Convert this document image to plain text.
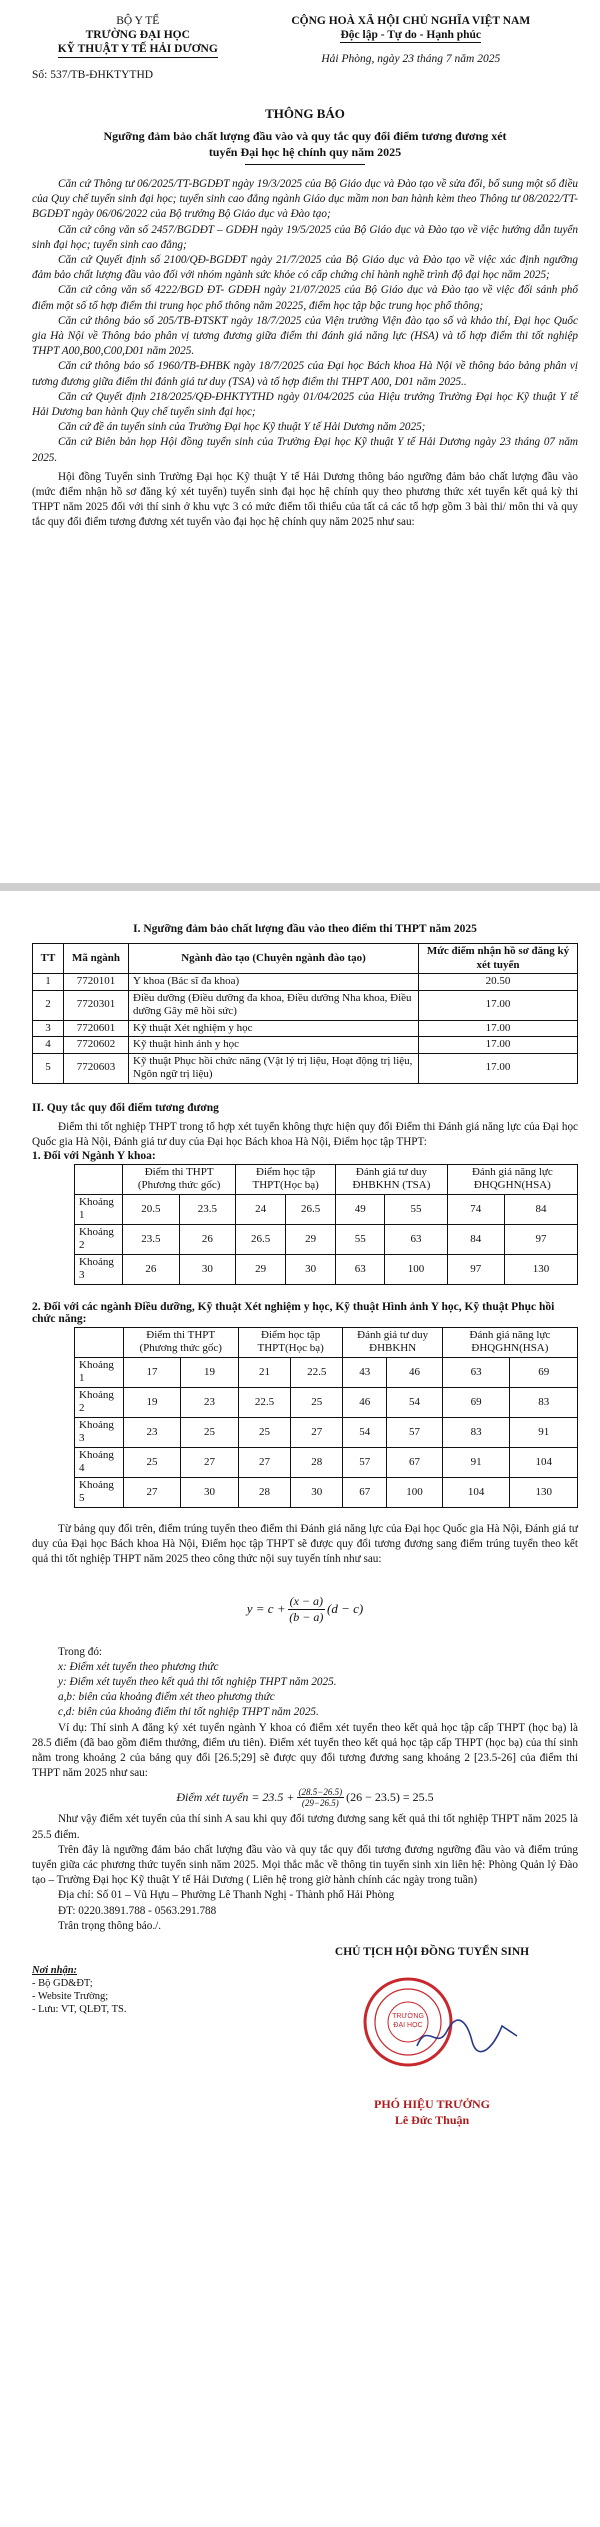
BỘ Y TẾ
TRƯỜNG ĐẠI HỌC
KỸ THUẬT Y TẾ HẢI DƯƠNG
Số: 537/TB-ĐHKTYTHD
CỘNG HOÀ XÃ HỘI CHỦ NGHĨA VIỆT NAM
Độc lập - Tự do - Hạnh phúc
Hải Phòng, ngày 23 tháng 7 năm 2025
THÔNG BÁO
Ngưỡng đảm bảo chất lượng đầu vào và quy tắc quy đổi điểm tương đương xét tuyển Đại học hệ chính quy năm 2025

Căn cứ Thông tư 06/2025/TT-BGDĐT ngày 19/3/2025 của Bộ Giáo dục và Đào tạo về sửa đổi, bổ sung một số điều của Quy chế tuyển sinh đại học; tuyển sinh cao đẳng ngành Giáo dục mầm non ban hành kèm theo Thông tư 08/2022/TT-BGDĐT ngày 06/06/2022 của Bộ trưởng Bộ Giáo dục và Đào tạo;

Căn cứ công văn số 2457/BGDĐT – GDĐH ngày 19/5/2025 của Bộ Giáo dục và Đào tạo về việc hướng dẫn tuyển sinh đại học; tuyển sinh cao đẳng;

Căn cứ Quyết định số 2100/QĐ-BGDĐT ngày 21/7/2025 của Bộ Giáo dục và Đào tạo về việc xác định ngưỡng đảm bảo chất lượng đầu vào đối với nhóm ngành sức khỏe có cấp chứng chỉ hành nghề trình độ đại học năm 2025;

Căn cứ công văn số 4222/BGD ĐT- GDĐH ngày 21/07/2025 của Bộ Giáo dục và Đào tạo về việc đối sánh phổ điểm một số tổ hợp điểm thi trung học phổ thông năm 20225, điểm học tập bậc trung học phổ thông;

Căn cứ thông báo số 205/TB-ĐTSKT ngày 18/7/2025 của Viện trường Viện đào tạo số và khảo thí, Đại học Quốc gia Hà Nội về Thông báo phân vị tương đương giữa điểm thi đánh giá năng lực (HSA) và tổ hợp điểm thi tốt nghiệp THPT A00,B00,C00,D01 năm 2025.

Căn cứ thông báo số 1960/TB-ĐHBK ngày 18/7/2025 của Đại học Bách khoa Hà Nội về thông báo bảng phân vị tương đương giữa điểm thi đánh giá tư duy (TSA) và tổ hợp điểm thi THPT A00, D01 năm 2025..

Căn cứ Quyết định 218/2025/QĐ-ĐHKTYTHD ngày 01/04/2025 của Hiệu trưởng Trường Đại học Kỹ thuật Y tế Hải Dương ban hành Quy chế tuyển sinh đại học;

Căn cứ đề án tuyển sinh của Trường Đại học Kỹ thuật Y tế Hải Dương năm 2025;

Căn cứ Biên bản họp Hội đồng tuyển sinh của Trường Đại học Kỹ thuật Y tế Hải Dương ngày 23 tháng 07 năm 2025.

Hội đồng Tuyển sinh Trường Đại học Kỹ thuật Y tế Hải Dương thông báo ngưỡng đảm bảo chất lượng đầu vào (mức điểm nhận hồ sơ đăng ký xét tuyển) tuyển sinh đại học hệ chính quy theo phương thức xét tuyển kết quả kỳ thi THPT năm 2025 đối với thí sinh ở khu vực 3 có mức điểm tối thiểu của tất cả các tổ hợp gồm 3 bài thi/ môn thi và quy tắc quy đổi điểm tương đương xét tuyển vào đại học hệ chính quy năm 2025 như sau:

I. Ngưỡng đảm bảo chất lượng đầu vào theo điểm thi THPT năm 2025
TT	Mã ngành	Ngành đào tạo (Chuyên ngành đào tạo)	Mức điểm nhận hồ sơ đăng ký xét tuyển
1	7720101	Y khoa (Bác sĩ đa khoa)	20.50
2	7720301	Điều dưỡng (Điều dưỡng đa khoa, Điều dưỡng Nha khoa, Điều dưỡng Gây mê hồi sức)	17.00
3	7720601	Kỹ thuật Xét nghiệm y học	17.00
4	7720602	Kỹ thuật hình ảnh y học	17.00
5	7720603	Kỹ thuật Phục hồi chức năng (Vật lý trị liệu, Hoạt động trị liệu, Ngôn ngữ trị liệu)	17.00
II. Quy tắc quy đổi điểm tương đương

Điểm thi tốt nghiệp THPT trong tổ hợp xét tuyển không thực hiện quy đổi Điểm thi Đánh giá năng lực của Đại học Quốc gia Hà Nội, Đánh giá tư duy của Đại học Bách khoa Hà Nội, Điểm học tập THPT:

1. Đối với Ngành Y khoa:
	Điểm thi THPT (Phương thức gốc)		Điểm học tập THPT(Học bạ)		Đánh giá tư duy ĐHBKHN (TSA)		Đánh giá năng lực ĐHQGHN(HSA)	
Khoảng 1	20.5	23.5	24	26.5	49	55	74	84
Khoảng 2	23.5	26	26.5	29	55	63	84	97
Khoảng 3	26	30	29	30	63	100	97	130
2. Đối với các ngành Điều dưỡng, Kỹ thuật Xét nghiệm y học, Kỹ thuật Hình ảnh Y học, Kỹ thuật Phục hồi chức năng:
	Điểm thi THPT (Phương thức gốc)		Điểm học tập THPT(Học bạ)		Đánh giá tư duy ĐHBKHN		Đánh giá năng lực ĐHQGHN(HSA)	
Khoảng 1	17	19	21	22.5	43	46	63	69
Khoảng 2	19	23	22.5	25	46	54	69	83
Khoảng 3	23	25	25	27	54	57	83	91
Khoảng 4	25	27	27	28	57	67	91	104
Khoảng 5	27	30	28	30	67	100	104	130

Từ bảng quy đổi trên, điểm trúng tuyển theo điểm thi Đánh giá năng lực của Đại học Quốc gia Hà Nội, Đánh giá tư duy của Đại học Bách khoa Hà Nội, Điểm học tập THPT sẽ được quy đổi tương đương sang điểm trúng tuyển theo kết quả thi tốt nghiệp THPT năm 2025 theo công thức nội suy tuyến tính như sau:

$y = c + \frac{(x - a)}{(b - a)} (d - c)$

Trong đó:

x: Điểm xét tuyển theo phương thức

y: Điểm xét tuyển theo kết quả thi tốt nghiệp THPT năm 2025.

a,b: biên của khoảng điểm xét theo phương thức

c,d: biên của khoảng điểm thi tốt nghiệp THPT năm 2025.

Ví dụ: Thí sinh A đăng ký xét tuyển ngành Y khoa có điểm xét tuyển theo kết quả học tập cấp THPT (học bạ) là 28.5 điểm (đã bao gồm điểm thưởng, điểm ưu tiên). Điểm xét tuyển theo kết quả học tập cấp THPT (học bạ) của thí sinh nằm trong khoảng 2 của bảng quy đổi [26.5;29] sẽ được quy đổi tương đương sang khoảng 2 [23.5-26] của điểm thi THPT năm 2025 như sau:

Điểm xét tuyển = $23.5 + \frac{(28.5-26.5)}{(29-26.5)} (26 - 23.5) = 25.5$

Như vậy điểm xét tuyển của thí sinh A sau khi quy đổi tương đương sang kết quả thi tốt nghiệp THPT năm 2025 là 25.5 điểm.

Trên đây là ngưỡng đảm bảo chất lượng đầu vào và quy tắc quy đổi tương đương ngưỡng đầu vào và điểm trúng tuyển giữa các phương thức tuyển sinh năm 2025. Mọi thắc mắc về thông tin tuyển sinh xin liên hệ: Phòng Quản lý Đào tạo – Trường Đại học Kỹ thuật Y tế Hải Dương ( Liên hệ trong giờ hành chính các ngày trong tuần)

Địa chỉ: Số 01 – Vũ Hựu – Phường Lê Thanh Nghị - Thành phố Hải Phòng

ĐT: 0220.3891.788 - 0563.291.788

Trân trọng thông báo./.

Nơi nhận:
- Bộ GD&ĐT;
- Website Trường;
- Lưu: VT, QLĐT, TS.
CHỦ TỊCH HỘI ĐỒNG TUYỂN SINH
TRƯỜNG
ĐẠI HỌC
PHÓ HIỆU TRƯỞNG
Lê Đức Thuận
